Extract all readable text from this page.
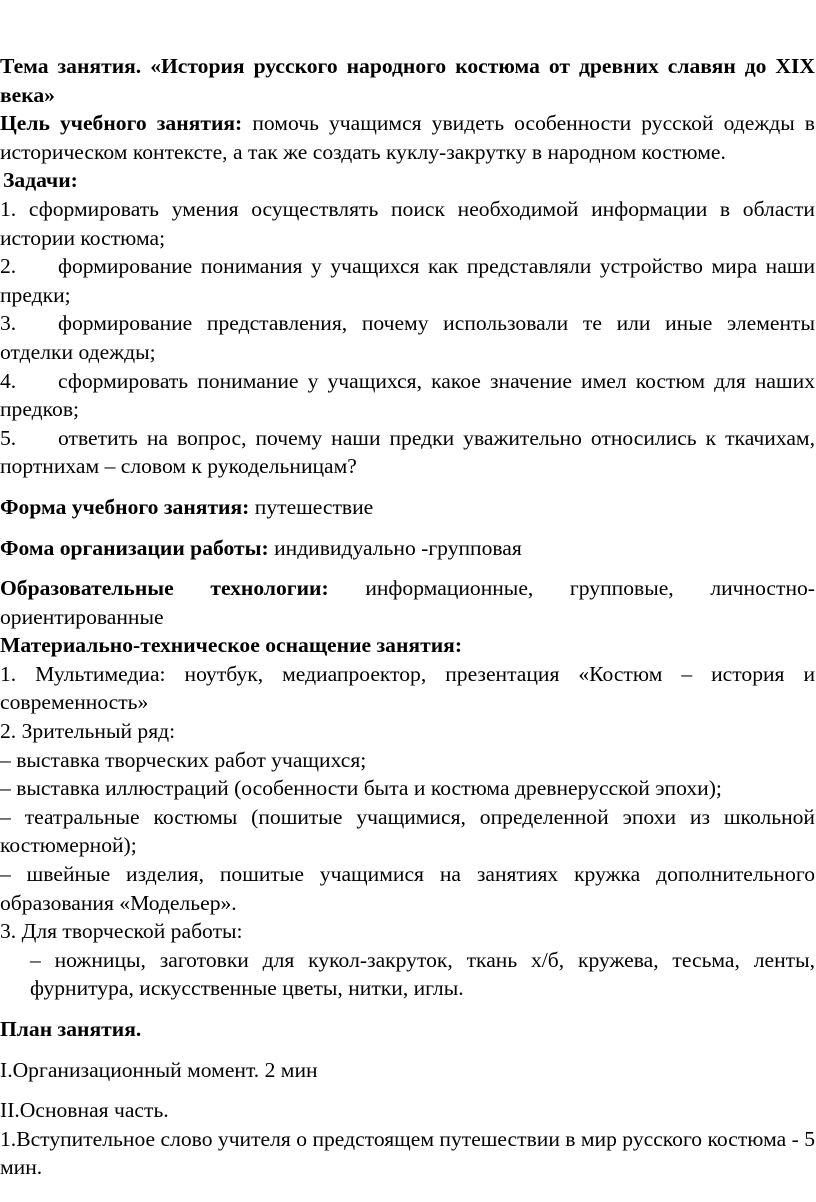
Тема занятия. «История русского народного костюма от древних славян до XIX века»

Цель учебного занятия: помочь учащимся увидеть особенности русской одежды в историческом контексте, а так же создать куклу-закрутку в народном костюме.

Задачи:

1. сформировать умения осуществлять поиск необходимой информации в области истории костюма;

2. формирование понимания у учащихся как представляли устройство мира наши предки;

3. формирование представления, почему использовали те или иные элементы отделки одежды;

4. сформировать понимание у учащихся, какое значение имел костюм для наших предков;

5. ответить на вопрос, почему наши предки уважительно относились к ткачихам, портнихам – словом к рукодельницам?

Форма учебного занятия: путешествие

Фома организации работы: индивидуально -групповая

Образовательные технологии: информационные, групповые, личностно-ориентированные

Материально-техническое оснащение занятия:

1. Мультимедиа: ноутбук, медиапроектор, презентация «Костюм – история и современность»

2. Зрительный ряд:

– выставка творческих работ учащихся;

– выставка иллюстраций (особенности быта и костюма древнерусской эпохи);

– театральные костюмы (пошитые учащимися, определенной эпохи из школьной костюмерной);

– швейные изделия, пошитые учащимися на занятиях кружка дополнительного образования «Модельер».

3. Для творческой работы:

– ножницы, заготовки для кукол-закруток, ткань х/б, кружева, тесьма, ленты, фурнитура, искусственные цветы, нитки, иглы.

План занятия.

I.Организационный момент. 2 мин

II.Основная часть.

1.Вступительное слово учителя о предстоящем путешествии в мир русского костюма - 5 мин.
